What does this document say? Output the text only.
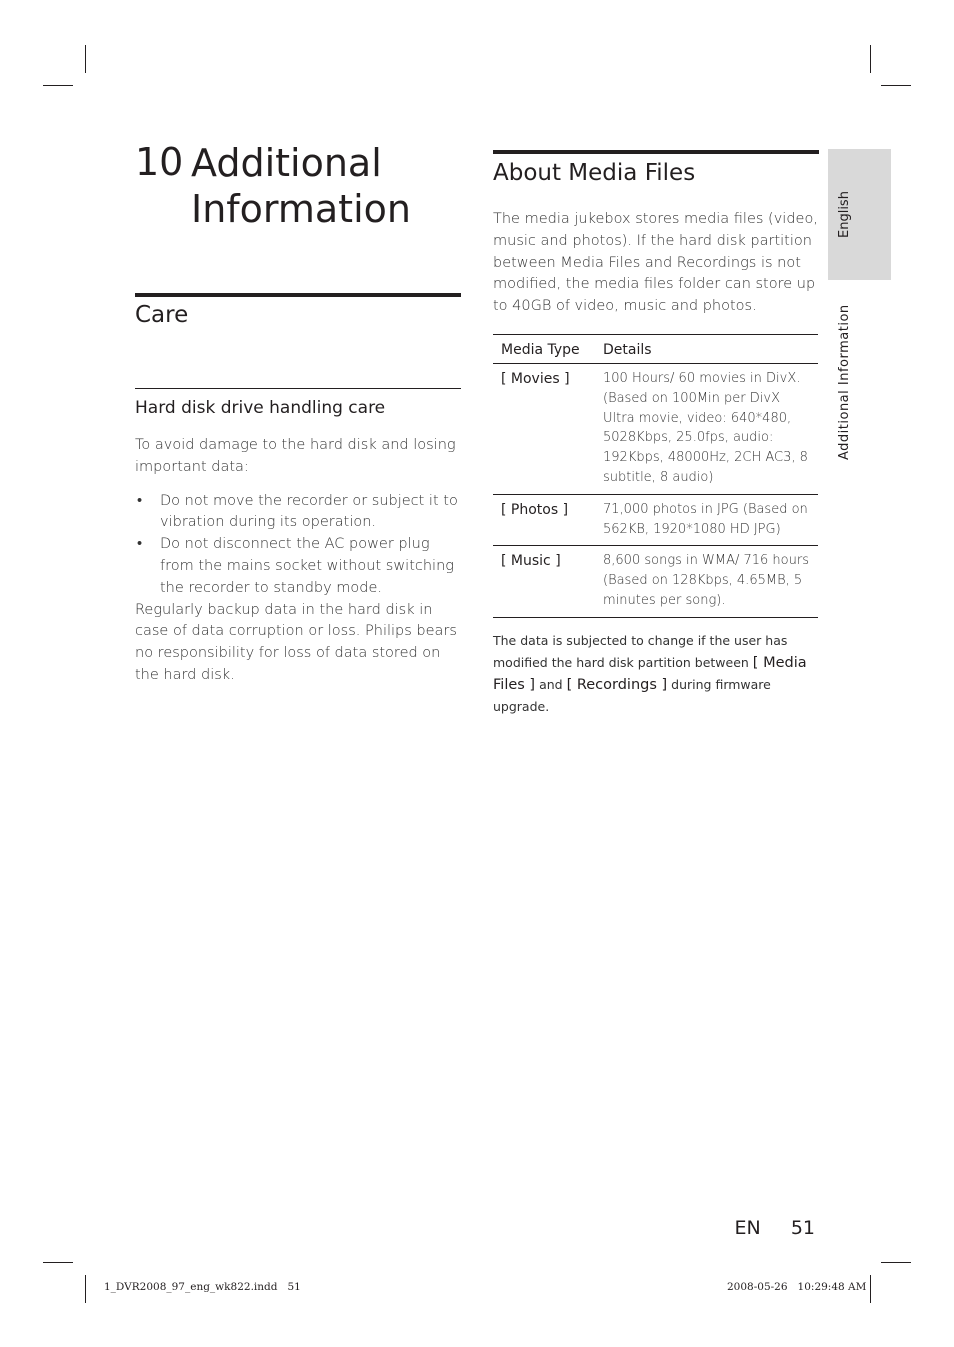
10 Additional Information
Care
Hard disk drive handling care
To avoid damage to the hard disk and losing important data:
• Do not move the recorder or subject it to vibration during its operation.
• Do not disconnect the AC power plug from the mains socket without switching the recorder to standby mode.
Regularly backup data in the hard disk in case of data corruption or loss. Philips bears no responsibility for loss of data stored on the hard disk.
About Media Files
The media jukebox stores media files (video, music and photos). If the hard disk partition between Media Files and Recordings is not modified, the media files folder can store up to 40GB of video, music and photos.
Media Type	Details
[ Movies ]	100 Hours/ 60 movies in DivX. (Based on 100Min per DivX Ultra movie, video: 640*480, 5028Kbps, 25.0fps, audio: 192Kbps, 48000Hz, 2CH AC3, 8 subtitle, 8 audio)
[ Photos ]	71,000 photos in JPG (Based on 562KB, 1920*1080 HD JPG)
[ Music ]	8,600 songs in WMA/ 716 hours (Based on 128Kbps, 4.65MB, 5 minutes per song).
The data is subjected to change if the user has modified the hard disk partition between [ Media Files ] and [ Recordings ] during firmware upgrade.
English
Additional Information
EN 51
1_DVR2008_97_eng_wk822.indd   51	2008-05-26   10:29:48 AM
